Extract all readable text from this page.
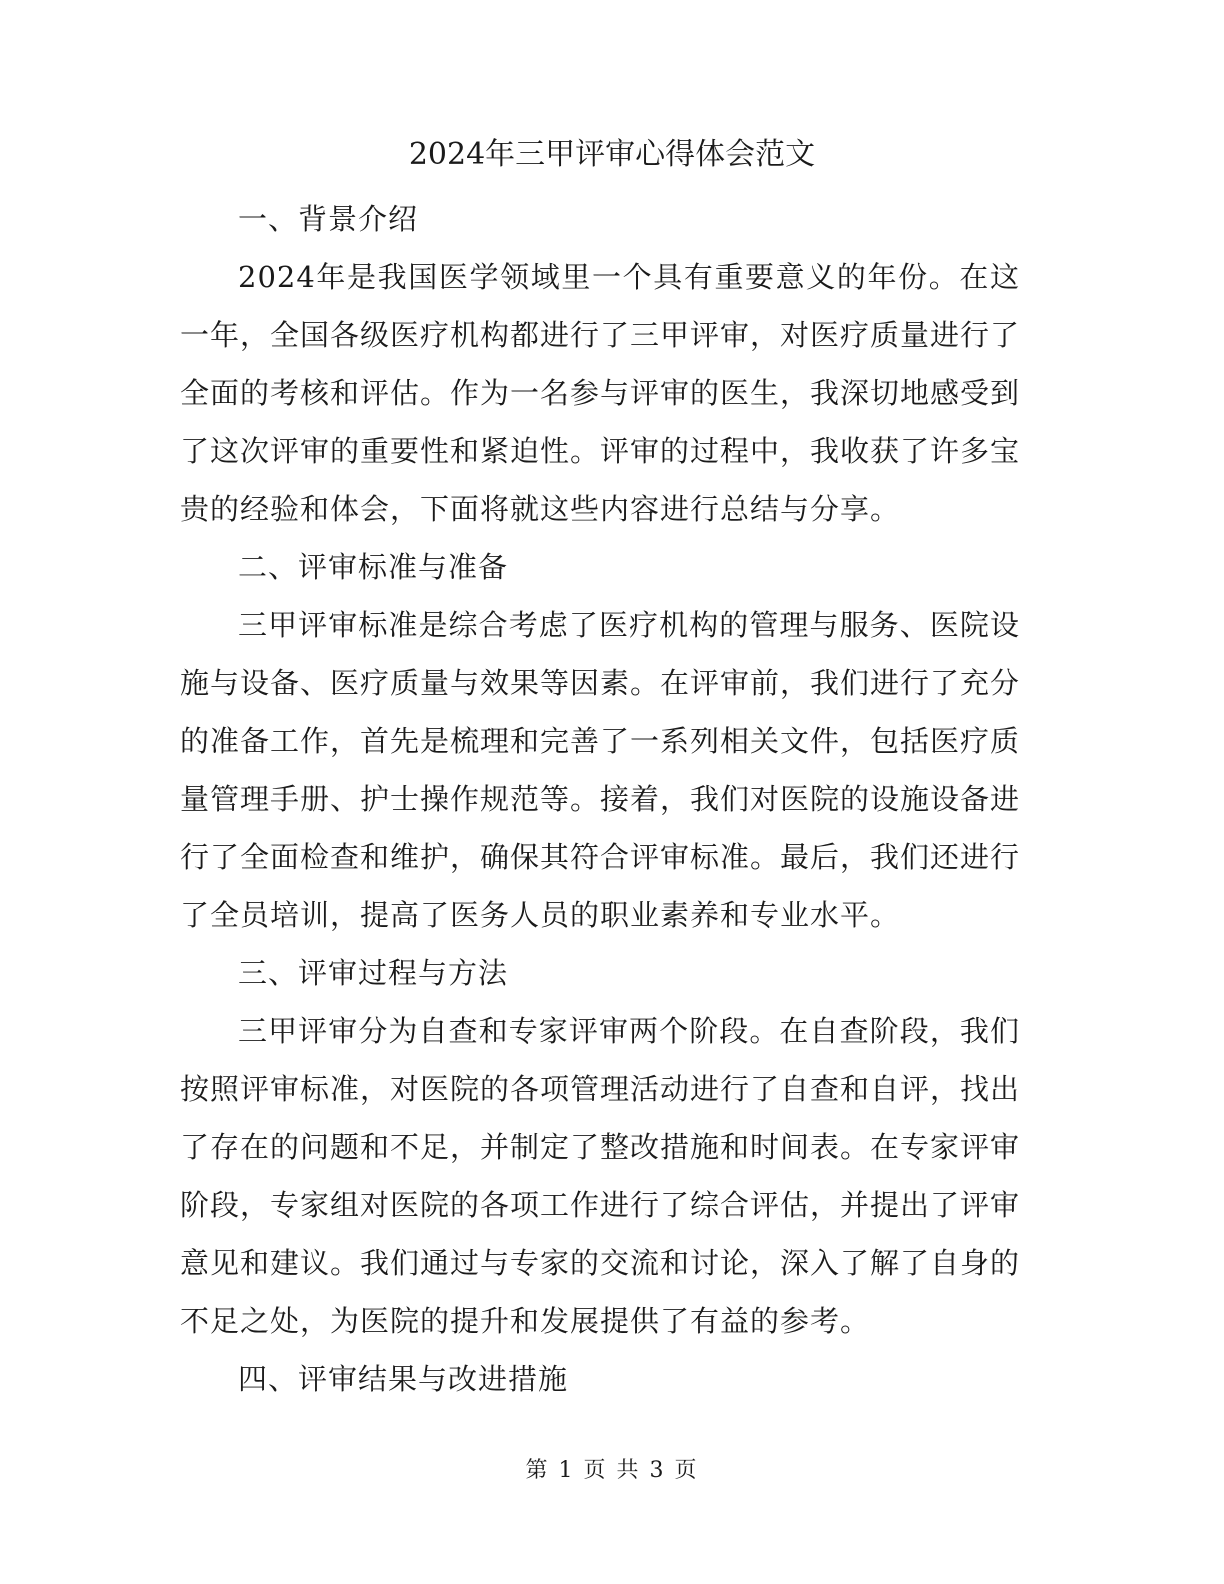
2024年三甲评审心得体会范文
一、背景介绍

2024年是我国医学领域里一个具有重要意义的年份。在这一年，全国各级医疗机构都进行了三甲评审，对医疗质量进行了全面的考核和评估。作为一名参与评审的医生，我深切地感受到了这次评审的重要性和紧迫性。评审的过程中，我收获了许多宝贵的经验和体会，下面将就这些内容进行总结与分享。

二、评审标准与准备

三甲评审标准是综合考虑了医疗机构的管理与服务、医院设施与设备、医疗质量与效果等因素。在评审前，我们进行了充分的准备工作，首先是梳理和完善了一系列相关文件，包括医疗质量管理手册、护士操作规范等。接着，我们对医院的设施设备进行了全面检查和维护，确保其符合评审标准。最后，我们还进行了全员培训，提高了医务人员的职业素养和专业水平。

三、评审过程与方法

三甲评审分为自查和专家评审两个阶段。在自查阶段，我们按照评审标准，对医院的各项管理活动进行了自查和自评，找出了存在的问题和不足，并制定了整改措施和时间表。在专家评审阶段，专家组对医院的各项工作进行了综合评估，并提出了评审意见和建议。我们通过与专家的交流和讨论，深入了解了自身的不足之处，为医院的提升和发展提供了有益的参考。

四、评审结果与改进措施
第 1 页 共 3 页
